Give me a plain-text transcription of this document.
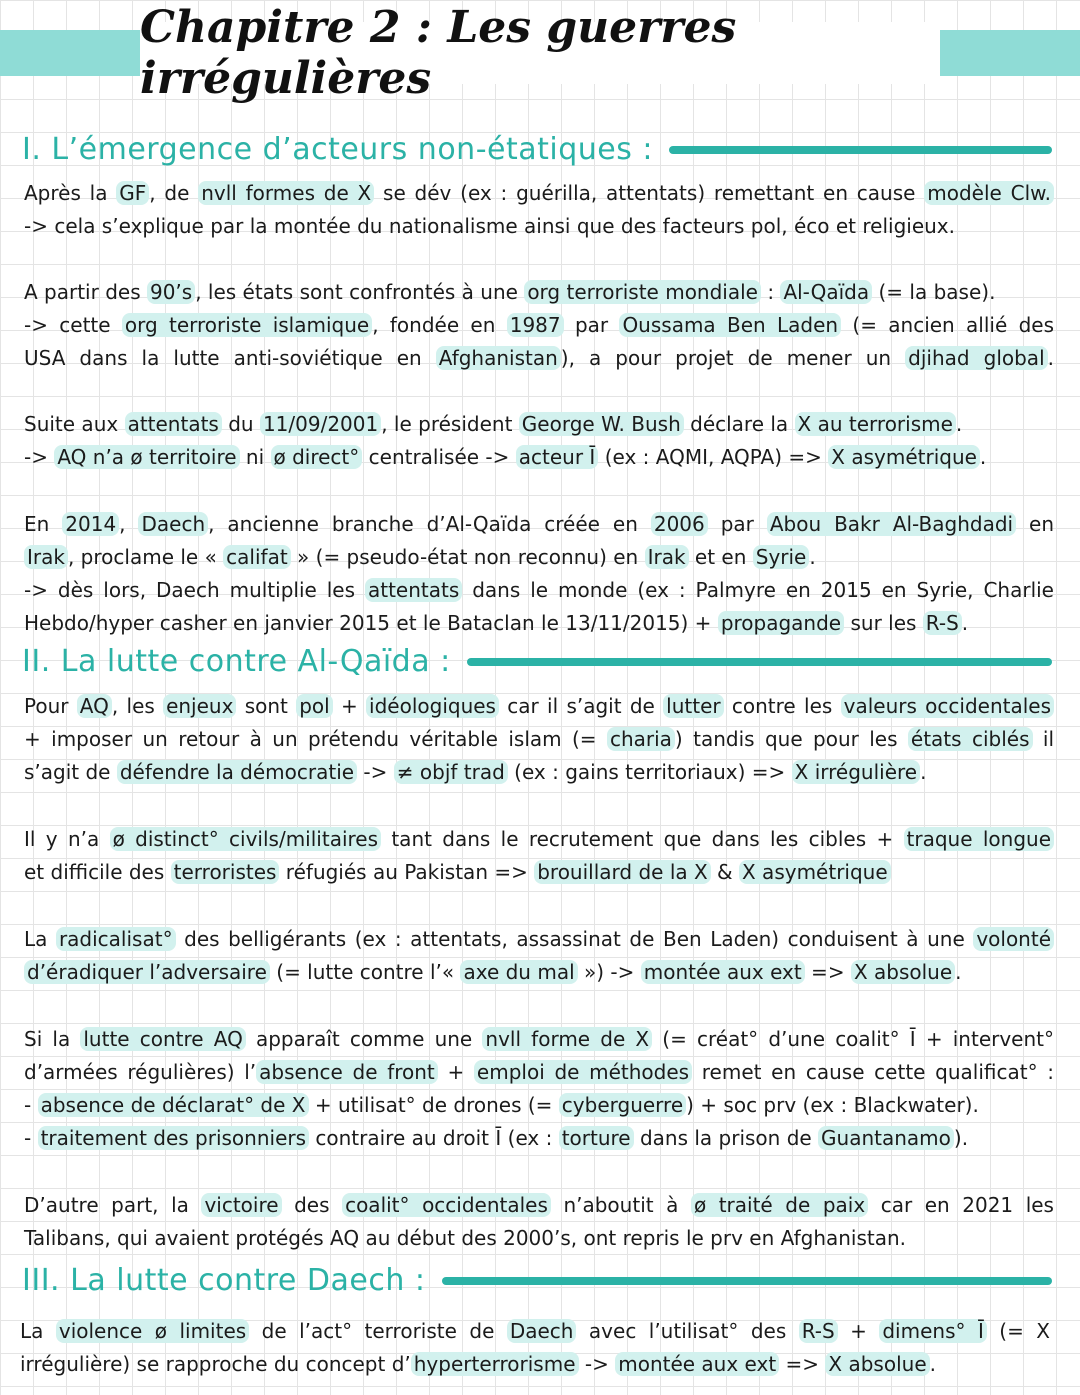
Chapitre 2 : Les guerres irrégulières
I. L’émergence d’acteurs non-étatiques :
Après la GF , de nvll formes de X se dév (ex : guérilla, attentats) remettant en cause modèle Clw.
-> cela s’explique par la montée du nationalisme ainsi que des facteurs pol, éco et religieux.
A partir des 90’s , les états sont confrontés à une org terroriste mondiale : Al-Qaïda (= la base).
-> cette org terroriste islamique , fondée en 1987 par Oussama Ben Laden (= ancien allié des
USA dans la lutte anti-soviétique en Afghanistan ), a pour projet de mener un djihad global .
Suite aux attentats du 11/09/2001 , le président George W. Bush déclare la X au terrorisme .
-> AQ n’a ø territoire ni ø direct° centralisée -> acteur Ī (ex : AQMI, AQPA) => X asymétrique .
En 2014 , Daech , ancienne branche d’Al-Qaïda créée en 2006 par Abou Bakr Al-Baghdadi en
Irak , proclame le « califat » (= pseudo-état non reconnu) en Irak et en Syrie .
-> dès lors, Daech multiplie les attentats dans le monde (ex : Palmyre en 2015 en Syrie, Charlie
Hebdo/hyper casher en janvier 2015 et le Bataclan le 13/11/2015) + propagande sur les R-S .
II. La lutte contre Al-Qaïda :
Pour AQ , les enjeux sont pol + idéologiques car il s’agit de lutter contre les valeurs occidentales
+ imposer un retour à un prétendu véritable islam (= charia ) tandis que pour les états ciblés il
s’agit de défendre la démocratie -> ≠ objf trad (ex : gains territoriaux) => X irrégulière .
Il y n’a ø distinct° civils/militaires tant dans le recrutement que dans les cibles + traque longue
et difficile des terroristes réfugiés au Pakistan => brouillard de la X & X asymétrique
La radicalisat° des belligérants (ex : attentats, assassinat de Ben Laden) conduisent à une volonté
d’éradiquer l’adversaire (= lutte contre l’« axe du mal ») -> montée aux ext => X absolue .
Si la lutte contre AQ apparaît comme une nvll forme de X (= créat° d’une coalit° Ī + intervent°
d’armées régulières) l’ absence de front + emploi de méthodes remet en cause cette qualificat° :
- absence de déclarat° de X + utilisat° de drones (= cyberguerre ) + soc prv (ex : Blackwater).
- traitement des prisonniers contraire au droit Ī (ex : torture dans la prison de Guantanamo ).
D’autre part, la victoire des coalit° occidentales n’aboutit à ø traité de paix car en 2021 les
Talibans, qui avaient protégés AQ au début des 2000’s, ont repris le prv en Afghanistan.
III. La lutte contre Daech :
La violence ø limites de l’act° terroriste de Daech avec l’utilisat° des R-S + dimens° Ī (= X
irrégulière) se rapproche du concept d’ hyperterrorisme -> montée aux ext => X absolue .
